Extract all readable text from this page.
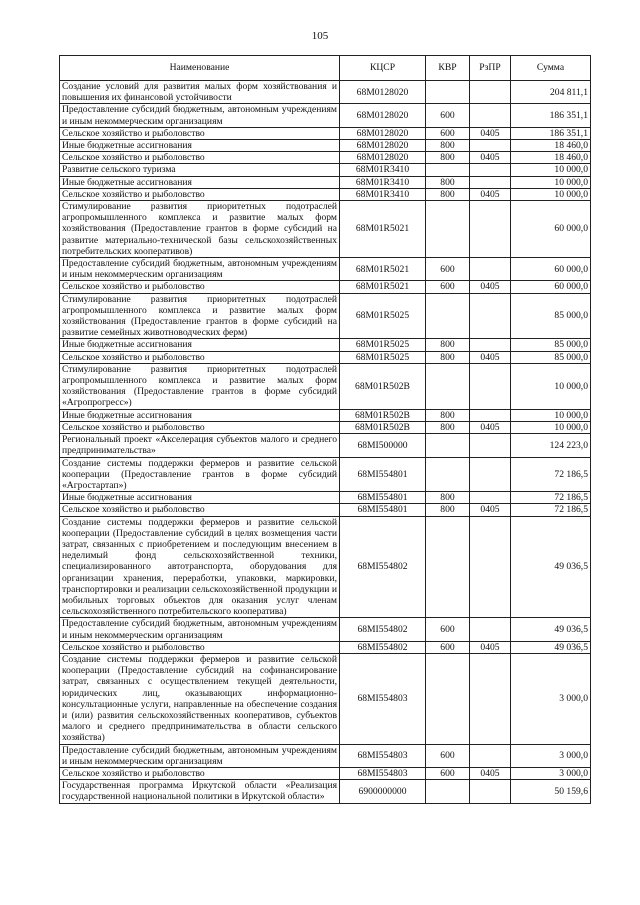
105
Наименование	КЦСР	КВР	РзПР	Сумма
Создание условий для развития малых форм хозяйствования и повышения их финансовой устойчивости	68M0128020			204 811,1
Предоставление субсидий бюджетным, автономным учреждениям и иным некоммерческим организациям	68M0128020	600		186 351,1
Сельское хозяйство и рыболовство	68M0128020	600	0405	186 351,1
Иные бюджетные ассигнования	68M0128020	800		18 460,0
Сельское хозяйство и рыболовство	68M0128020	800	0405	18 460,0
Развитие сельского туризма	68M01R3410			10 000,0
Иные бюджетные ассигнования	68M01R3410	800		10 000,0
Сельское хозяйство и рыболовство	68M01R3410	800	0405	10 000,0
Стимулирование развития приоритетных подотраслей агропромышленного комплекса и развитие малых форм хозяйствования (Предоставление грантов в форме субсидий на развитие материально-технической базы сельскохозяйственных потребительских кооперативов)	68M01R5021			60 000,0
Предоставление субсидий бюджетным, автономным учреждениям и иным некоммерческим организациям	68M01R5021	600		60 000,0
Сельское хозяйство и рыболовство	68M01R5021	600	0405	60 000,0
Стимулирование развития приоритетных подотраслей агропромышленного комплекса и развитие малых форм хозяйствования (Предоставление грантов в форме субсидий на развитие семейных животноводческих ферм)	68M01R5025			85 000,0
Иные бюджетные ассигнования	68M01R5025	800		85 000,0
Сельское хозяйство и рыболовство	68M01R5025	800	0405	85 000,0
Стимулирование развития приоритетных подотраслей агропромышленного комплекса и развитие малых форм хозяйствования (Предоставление грантов в форме субсидий «Агропрогресс»)	68M01R502B			10 000,0
Иные бюджетные ассигнования	68M01R502B	800		10 000,0
Сельское хозяйство и рыболовство	68M01R502B	800	0405	10 000,0
Региональный проект «Акселерация субъектов малого и среднего предпринимательства»	68MI500000			124 223,0
Создание системы поддержки фермеров и развитие сельской кооперации (Предоставление грантов в форме субсидий «Агростартап»)	68MI554801			72 186,5
Иные бюджетные ассигнования	68MI554801	800		72 186,5
Сельское хозяйство и рыболовство	68MI554801	800	0405	72 186,5
Создание системы поддержки фермеров и развитие сельской кооперации (Предоставление субсидий в целях возмещения части затрат, связанных с приобретением и последующим внесением в неделимый фонд сельскохозяйственной техники, специализированного автотранспорта, оборудования для организации хранения, переработки, упаковки, маркировки, транспортировки и реализации сельскохозяйственной продукции и мобильных торговых объектов для оказания услуг членам сельскохозяйственного потребительского кооператива)	68MI554802			49 036,5
Предоставление субсидий бюджетным, автономным учреждениям и иным некоммерческим организациям	68MI554802	600		49 036,5
Сельское хозяйство и рыболовство	68MI554802	600	0405	49 036,5
Создание системы поддержки фермеров и развитие сельской кооперации (Предоставление субсидий на софинансирование затрат, связанных с осуществлением текущей деятельности, юридических лиц, оказывающих информационно-консультационные услуги, направленные на обеспечение создания и (или) развития сельскохозяйственных кооперативов, субъектов малого и среднего предпринимательства в области сельского хозяйства)	68MI554803			3 000,0
Предоставление субсидий бюджетным, автономным учреждениям и иным некоммерческим организациям	68MI554803	600		3 000,0
Сельское хозяйство и рыболовство	68MI554803	600	0405	3 000,0
Государственная программа Иркутской области «Реализация государственной национальной политики в Иркутской области»	6900000000			50 159,6
